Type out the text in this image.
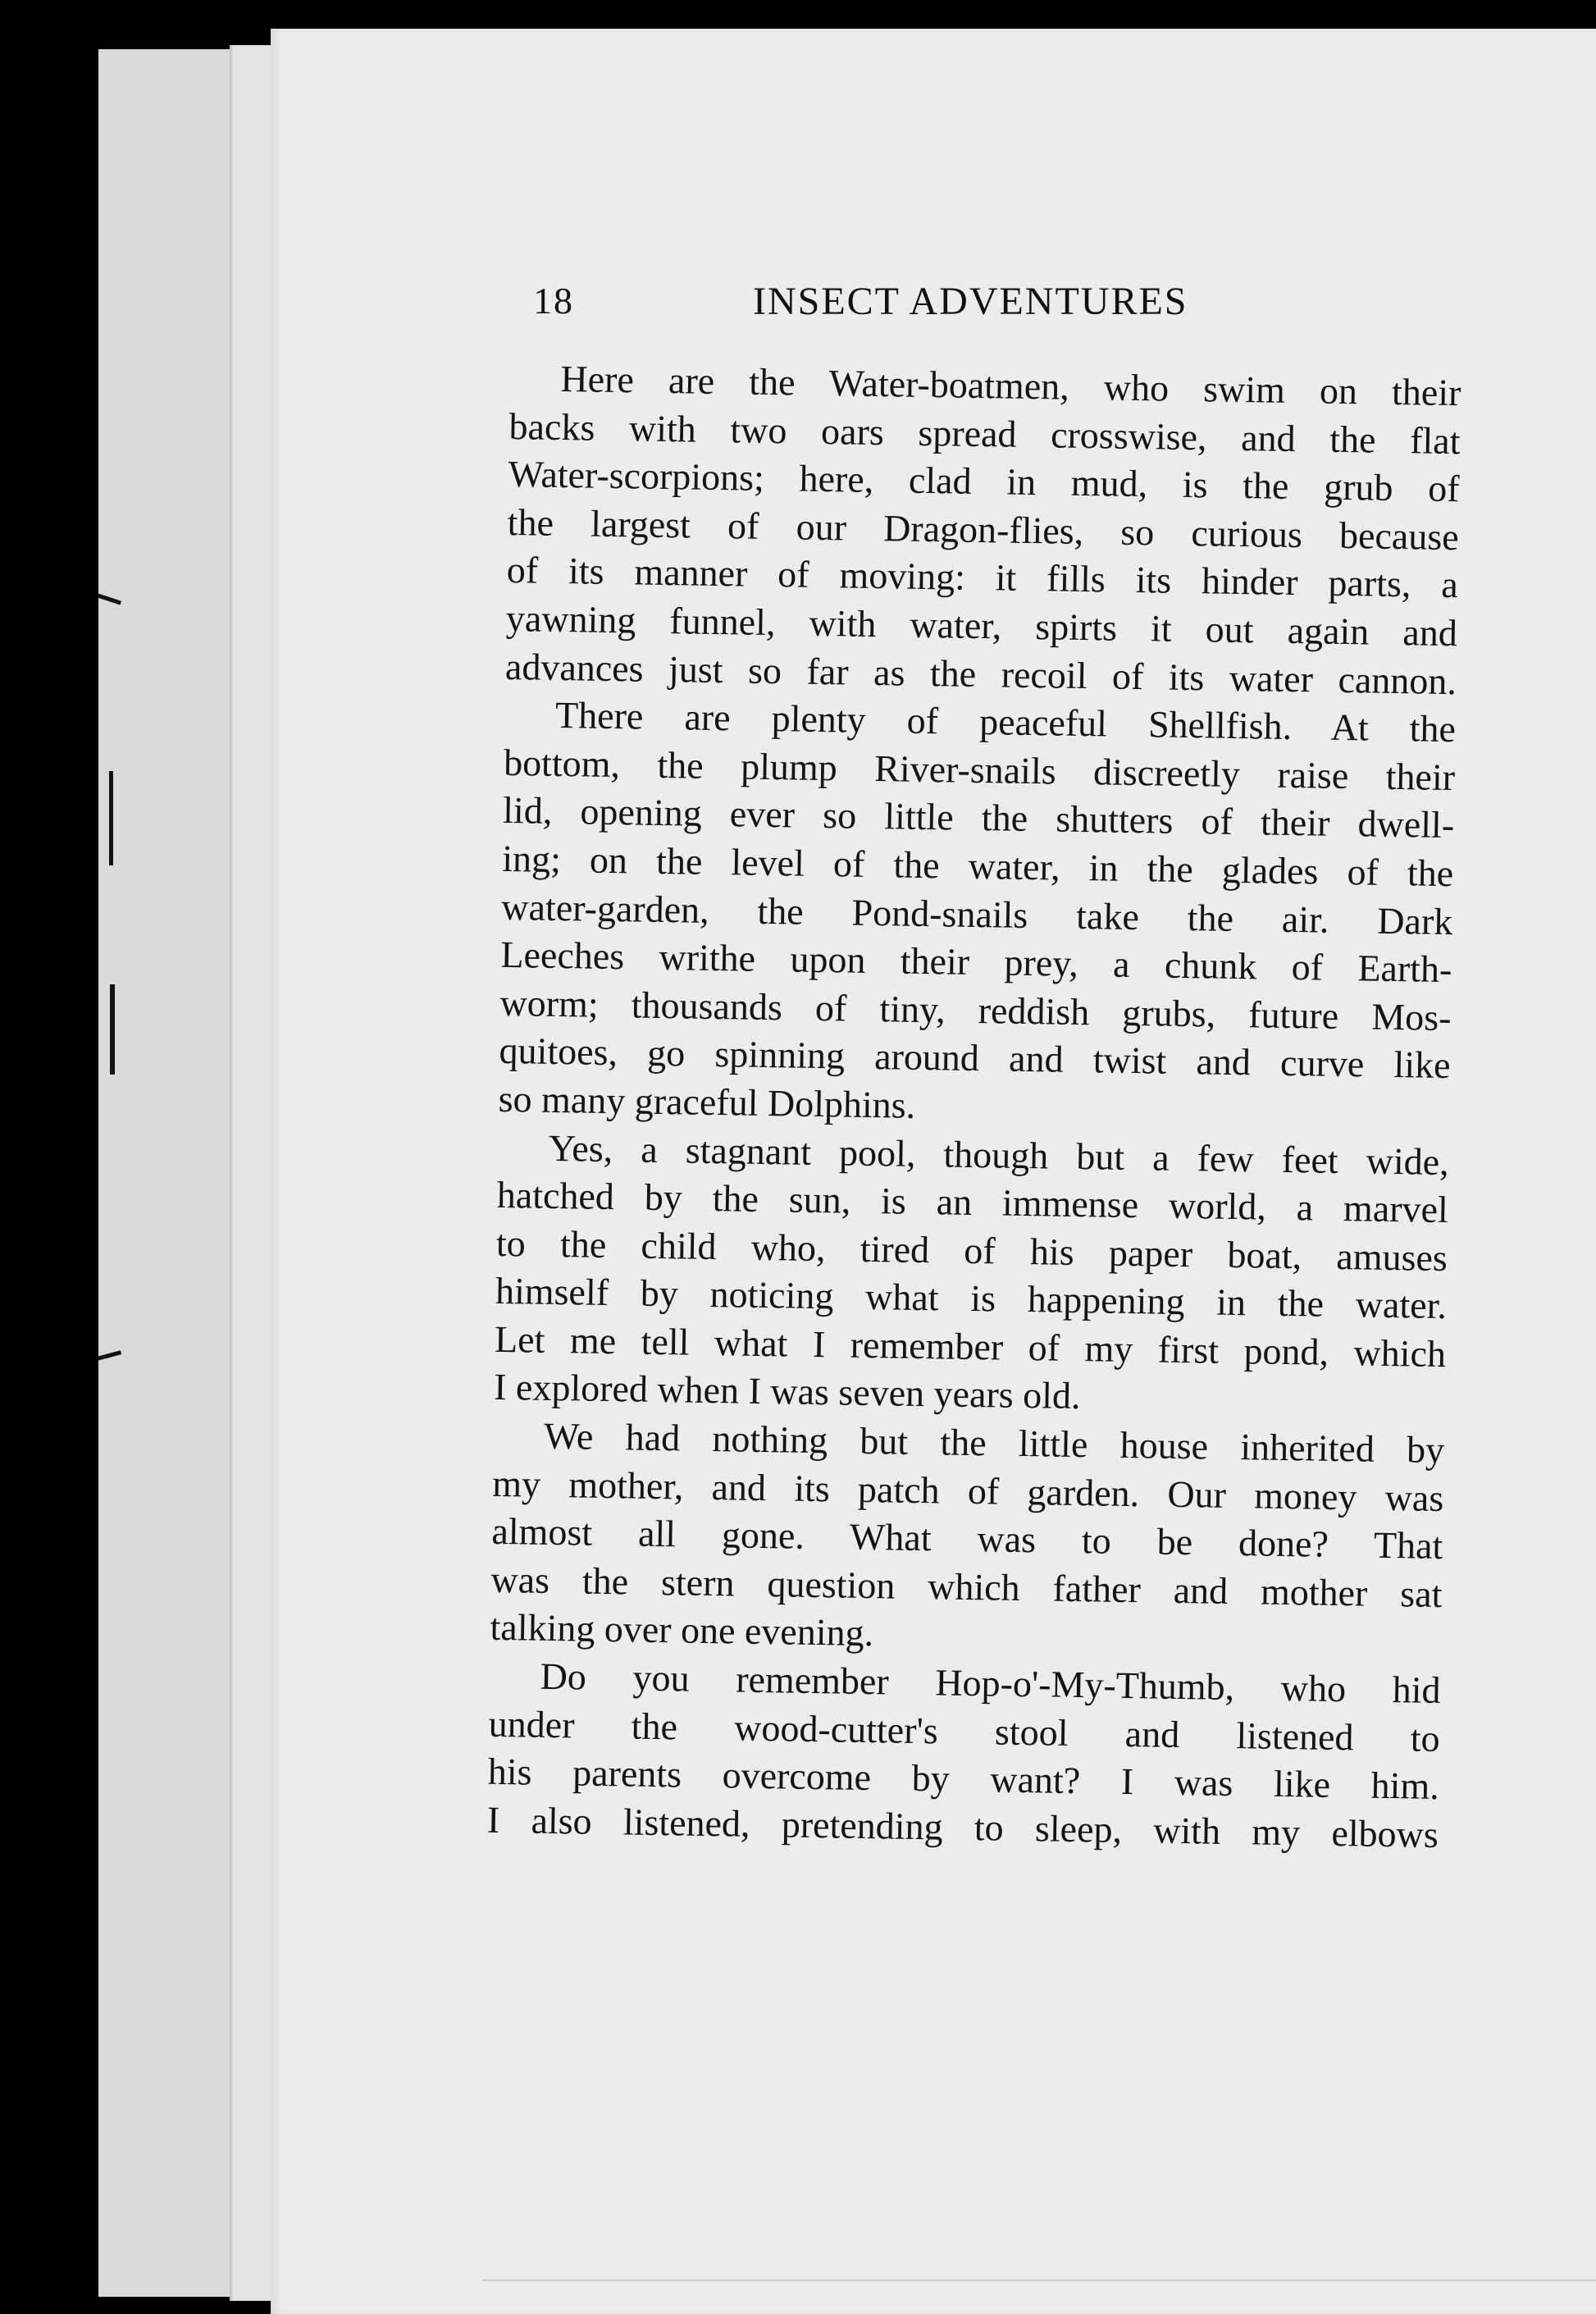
18	INSECT ADVENTURES
Here are the Water-boatmen, who swim on their
backs with two oars spread crosswise, and the flat
Water-scorpions; here, clad in mud, is the grub of
the largest of our Dragon-flies, so curious because
of its manner of moving: it fills its hinder parts, a
yawning funnel, with water, spirts it out again and
advances just so far as the recoil of its water cannon.
There are plenty of peaceful Shellfish. At the
bottom, the plump River-snails discreetly raise their
lid, opening ever so little the shutters of their dwell-
ing; on the level of the water, in the glades of the
water-garden, the Pond-snails take the air. Dark
Leeches writhe upon their prey, a chunk of Earth-
worm; thousands of tiny, reddish grubs, future Mos-
quitoes, go spinning around and twist and curve like
so many graceful Dolphins.
Yes, a stagnant pool, though but a few feet wide,
hatched by the sun, is an immense world, a marvel
to the child who, tired of his paper boat, amuses
himself by noticing what is happening in the water.
Let me tell what I remember of my first pond, which
I explored when I was seven years old.
We had nothing but the little house inherited by
my mother, and its patch of garden. Our money was
almost all gone. What was to be done? That
was the stern question which father and mother sat
talking over one evening.
Do you remember Hop-o'-My-Thumb, who hid
under the wood-cutter's stool and listened to
his parents overcome by want? I was like him.
I also listened, pretending to sleep, with my elbows
